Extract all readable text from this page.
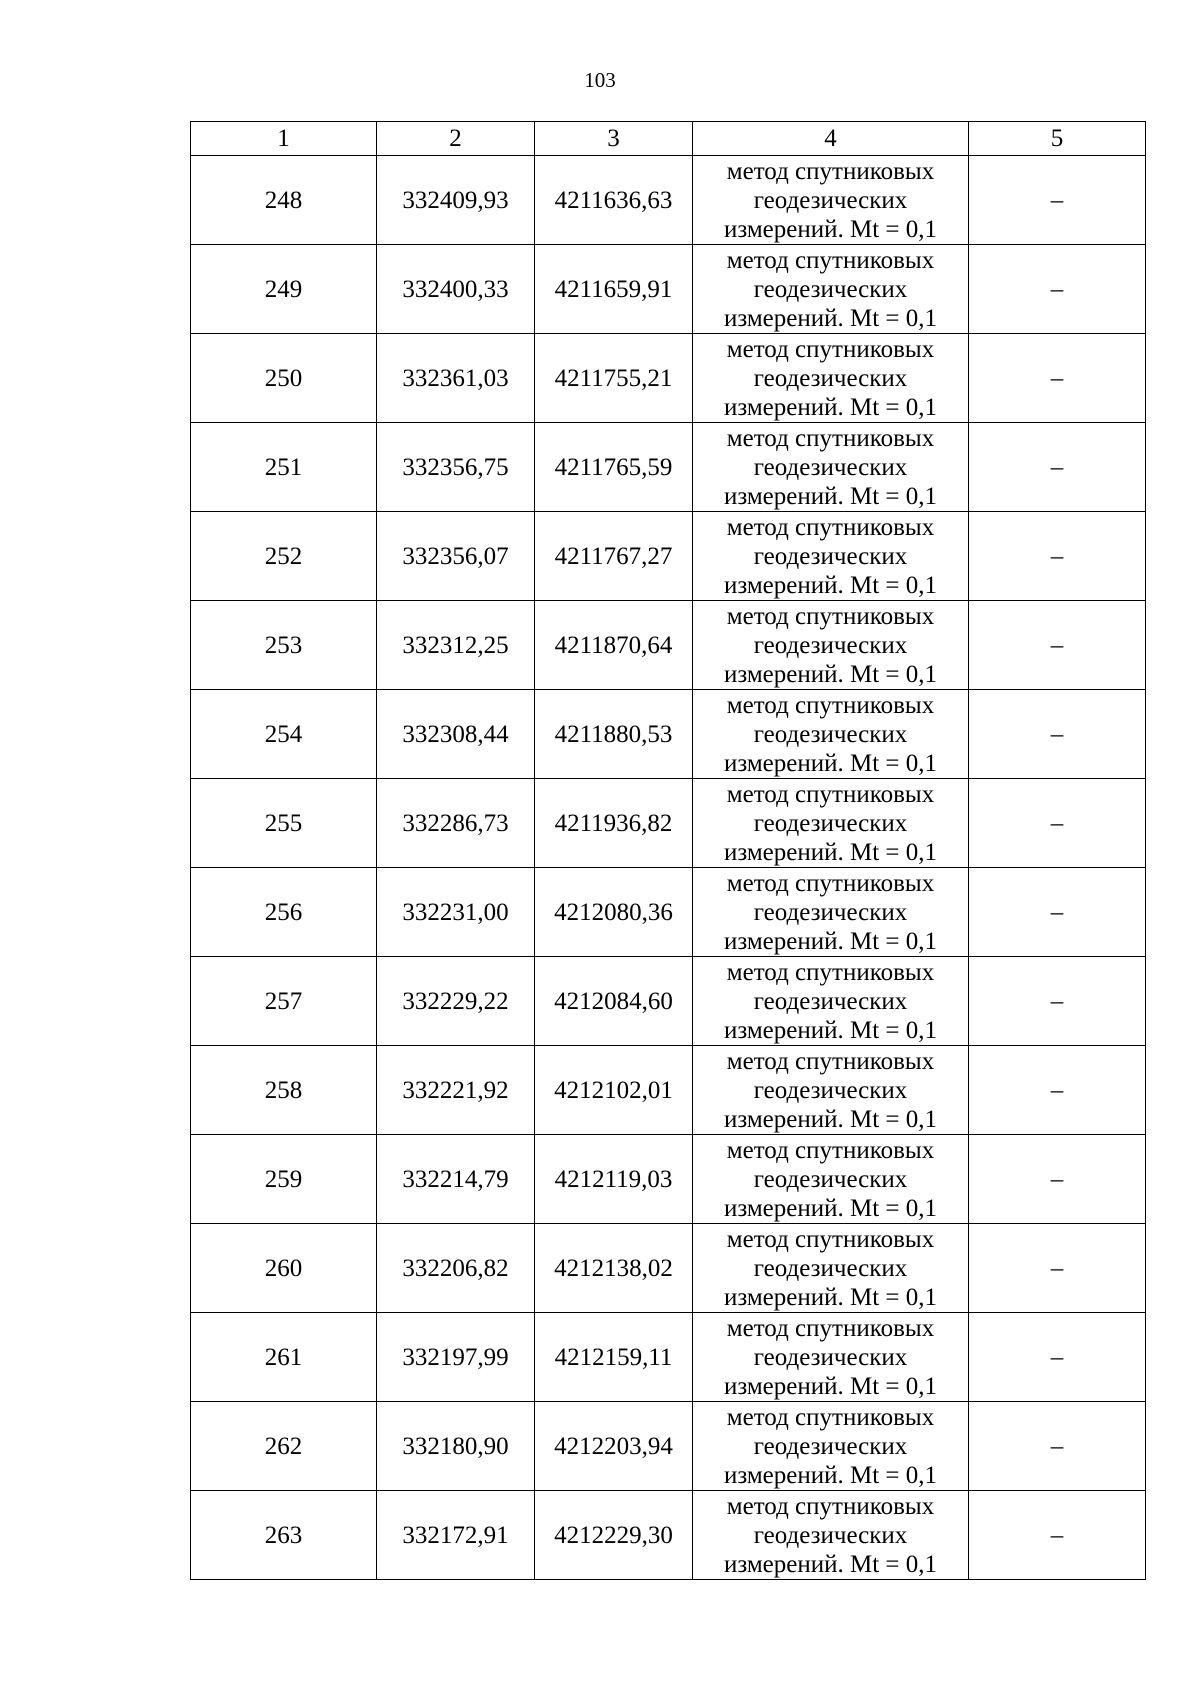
103
1	2	3	4	5
248	332409,93	4211636,63	метод спутниковых
геодезических
измерений. Mt = 0,1	–
249	332400,33	4211659,91	метод спутниковых
геодезических
измерений. Mt = 0,1	–
250	332361,03	4211755,21	метод спутниковых
геодезических
измерений. Mt = 0,1	–
251	332356,75	4211765,59	метод спутниковых
геодезических
измерений. Mt = 0,1	–
252	332356,07	4211767,27	метод спутниковых
геодезических
измерений. Mt = 0,1	–
253	332312,25	4211870,64	метод спутниковых
геодезических
измерений. Mt = 0,1	–
254	332308,44	4211880,53	метод спутниковых
геодезических
измерений. Mt = 0,1	–
255	332286,73	4211936,82	метод спутниковых
геодезических
измерений. Mt = 0,1	–
256	332231,00	4212080,36	метод спутниковых
геодезических
измерений. Mt = 0,1	–
257	332229,22	4212084,60	метод спутниковых
геодезических
измерений. Mt = 0,1	–
258	332221,92	4212102,01	метод спутниковых
геодезических
измерений. Mt = 0,1	–
259	332214,79	4212119,03	метод спутниковых
геодезических
измерений. Mt = 0,1	–
260	332206,82	4212138,02	метод спутниковых
геодезических
измерений. Mt = 0,1	–
261	332197,99	4212159,11	метод спутниковых
геодезических
измерений. Mt = 0,1	–
262	332180,90	4212203,94	метод спутниковых
геодезических
измерений. Mt = 0,1	–
263	332172,91	4212229,30	метод спутниковых
геодезических
измерений. Mt = 0,1	–
